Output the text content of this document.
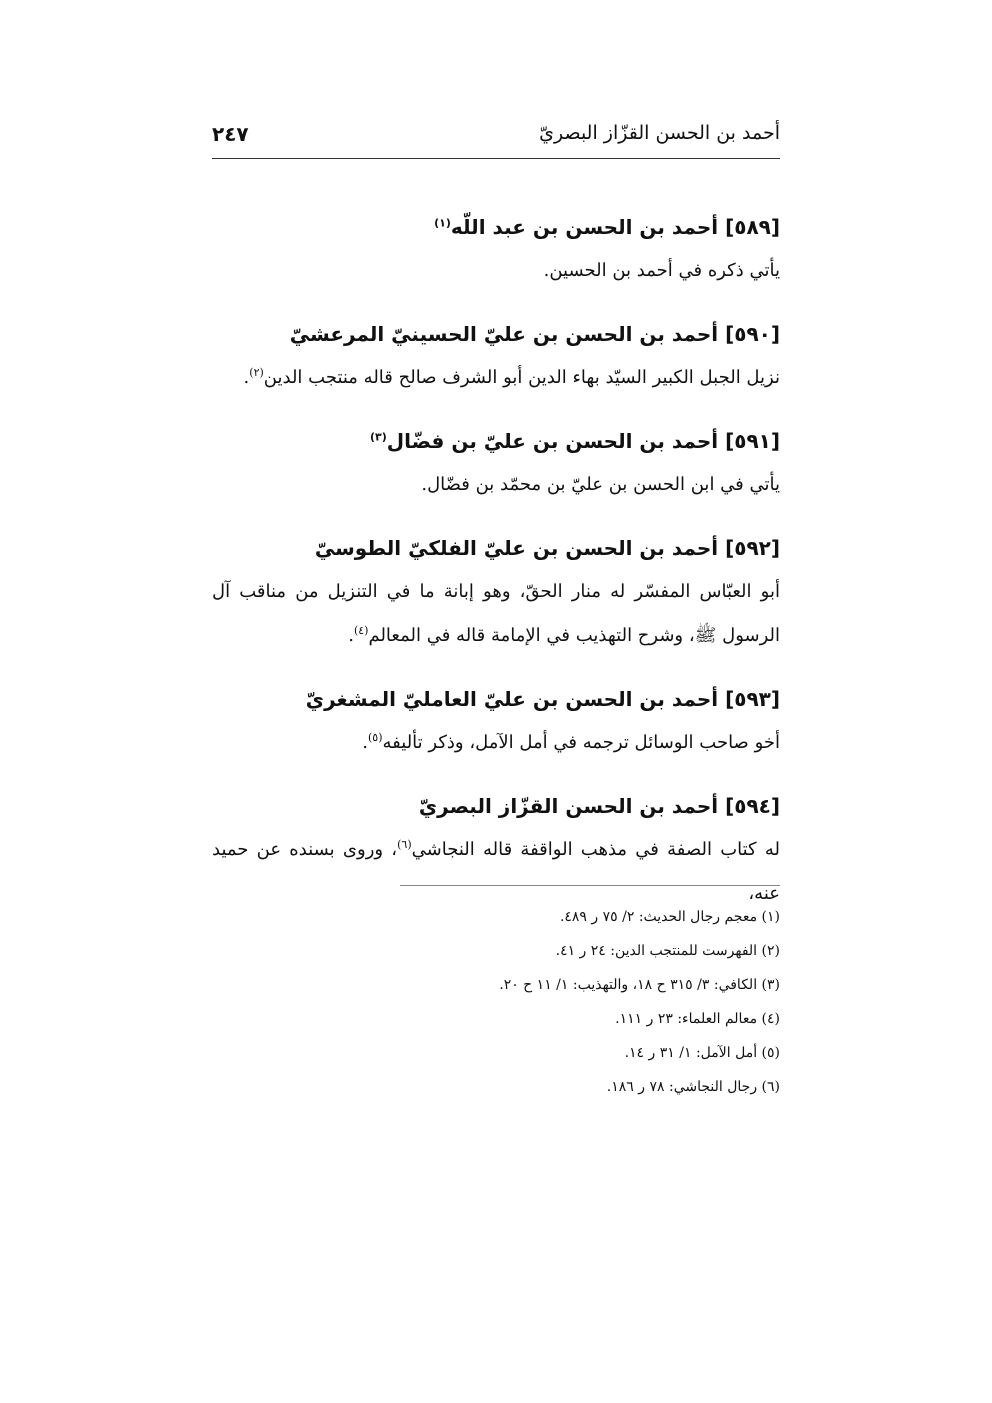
أحمد بن الحسن القزّاز البصريّ
٢٤٧

[٥٨٩] أحمد بن الحسن بن عبد اللّه$^{(١)}$

يأتي ذكره في أحمد بن الحسين.

[٥٩٠] أحمد بن الحسن بن عليّ الحسينيّ المرعشيّ

نزيل الجبل الكبير السيّد بهاء الدين أبو الشرف صالح قاله منتجب الدين$^{(٢)}$.

[٥٩١] أحمد بن الحسن بن عليّ بن فضّال$^{(٣)}$

يأتي في ابن الحسن بن عليّ بن محمّد بن فضّال.

[٥٩٢] أحمد بن الحسن بن عليّ الفلكيّ الطوسيّ

أبو العبّاس المفسّر له منار الحقّ، وهو إبانة ما في التنزيل من مناقب آل الرسول ﷺ، وشرح التهذيب في الإمامة قاله في المعالم$^{(٤)}$.

[٥٩٣] أحمد بن الحسن بن عليّ العامليّ المشغريّ

أخو صاحب الوسائل ترجمه في أمل الآمل، وذكر تأليفه$^{(٥)}$.

[٥٩٤] أحمد بن الحسن القزّاز البصريّ

له كتاب الصفة في مذهب الواقفة قاله النجاشي$^{(٦)}$، وروى بسنده عن حميد عنه،

(١) معجم رجال الحديث: ٢/ ٧٥ ر ٤٨٩.

(٢) الفهرست للمنتجب الدين: ٢٤ ر ٤١.

(٣) الكافي: ٣/ ٣١٥ ح ١٨، والتهذيب: ١/ ١١ ح ٢٠.

(٤) معالم العلماء: ٢٣ ر ١١١.

(٥) أمل الآمل: ١/ ٣١ ر ١٤.

(٦) رجال النجاشي: ٧٨ ر ١٨٦.
